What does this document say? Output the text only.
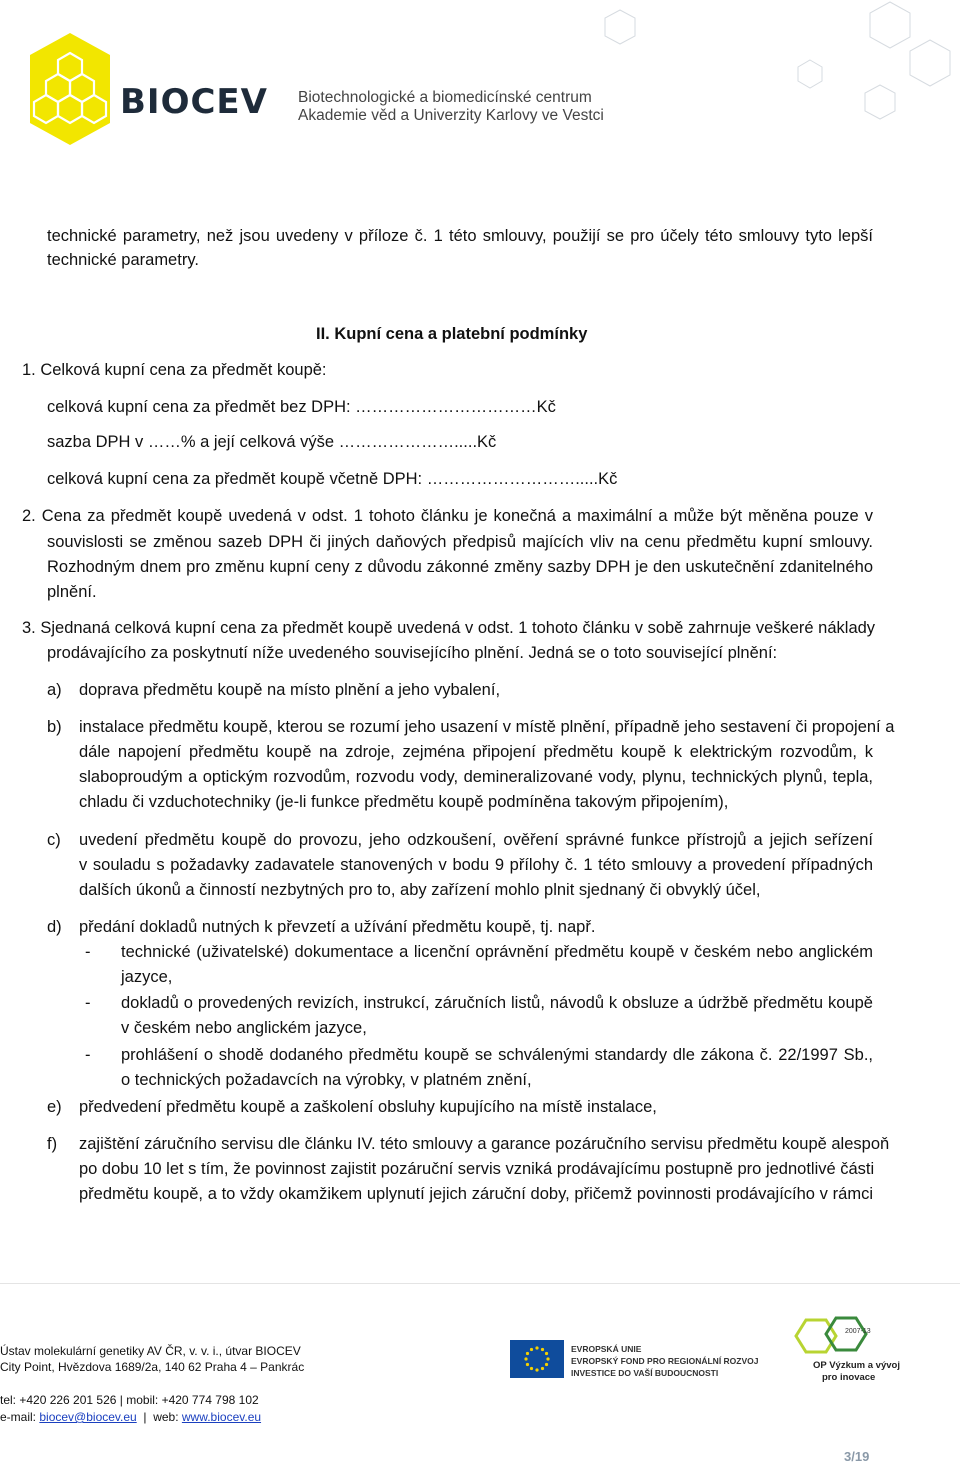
BIOCEV Biotechnologické a biomedicínské centrum
Akademie věd a Univerzity Karlovy ve Vestci
technické parametry, než jsou uvedeny v příloze č. 1 této smlouvy, použijí se pro účely této smlouvy tyto lepší
technické parametry.
II. Kupní cena a platební podmínky
1. Celková kupní cena za předmět koupě:
celková kupní cena za předmět bez DPH: ……………………………Kč
sazba DPH v ……% a její celková výše ………………….....Kč
celková kupní cena za předmět koupě včetně DPH: ……………………….....Kč
2. Cena za předmět koupě uvedená v odst. 1 tohoto článku je konečná a maximální a může být měněna pouze v
souvislosti se změnou sazeb DPH či jiných daňových předpisů majících vliv na cenu předmětu kupní smlouvy.
Rozhodným dnem pro změnu kupní ceny z důvodu zákonné změny sazby DPH je den uskutečnění zdanitelného
plnění.
3. Sjednaná celková kupní cena za předmět koupě uvedená v odst. 1 tohoto článku v sobě zahrnuje veškeré náklady
prodávajícího za poskytnutí níže uvedeného souvisejícího plnění. Jedná se o toto související plnění:
a) doprava předmětu koupě na místo plnění a jeho vybalení,
b) instalace předmětu koupě, kterou se rozumí jeho usazení v místě plnění, případně jeho sestavení či propojení a
dále napojení předmětu koupě na zdroje, zejména připojení předmětu koupě k elektrickým rozvodům, k
slaboproudým a optickým rozvodům, rozvodu vody, demineralizované vody, plynu, technických plynů, tepla,
chladu či vzduchotechniky (je-li funkce předmětu koupě podmíněna takovým připojením),
c) uvedení předmětu koupě do provozu, jeho odzkoušení, ověření správné funkce přístrojů a jejich seřízení
v souladu s požadavky zadavatele stanovených v bodu 9 přílohy č. 1 této smlouvy a provedení případných
dalších úkonů a činností nezbytných pro to, aby zařízení mohlo plnit sjednaný či obvyklý účel,
d) předání dokladů nutných k převzetí a užívání předmětu koupě, tj. např.
- technické (uživatelské) dokumentace a licenční oprávnění předmětu koupě v českém nebo anglickém
jazyce,
- dokladů o provedených revizích, instrukcí, záručních listů, návodů k obsluze a údržbě předmětu koupě
v českém nebo anglickém jazyce,
- prohlášení o shodě dodaného předmětu koupě se schválenými standardy dle zákona č. 22/1997 Sb.,
o technických požadavcích na výrobky, v platném znění,
e) předvedení předmětu koupě a zaškolení obsluhy kupujícího na místě instalace,
f) zajištění záručního servisu dle článku IV. této smlouvy a garance pozáručního servisu předmětu koupě alespoň
po dobu 10 let s tím, že povinnost zajistit pozáruční servis vzniká prodávajícímu postupně pro jednotlivé části
předmětu koupě, a to vždy okamžikem uplynutí jejich záruční doby, přičemž povinnosti prodávajícího v rámci
Ústav molekulární genetiky AV ČR, v. v. i., útvar BIOCEV
City Point, Hvězdova 1689/2a, 140 62 Praha 4 – Pankrác
tel: +420 226 201 526 | mobil: +420 774 798 102
e-mail: biocev@biocev.eu  |  web: www.biocev.eu
EVROPSKÁ UNIE
EVROPSKÝ FOND PRO REGIONÁLNÍ ROZVOJ
INVESTICE DO VAŠÍ BUDOUCNOSTI
2007-13
OP Výzkum a vývoj
pro inovace
3/19
